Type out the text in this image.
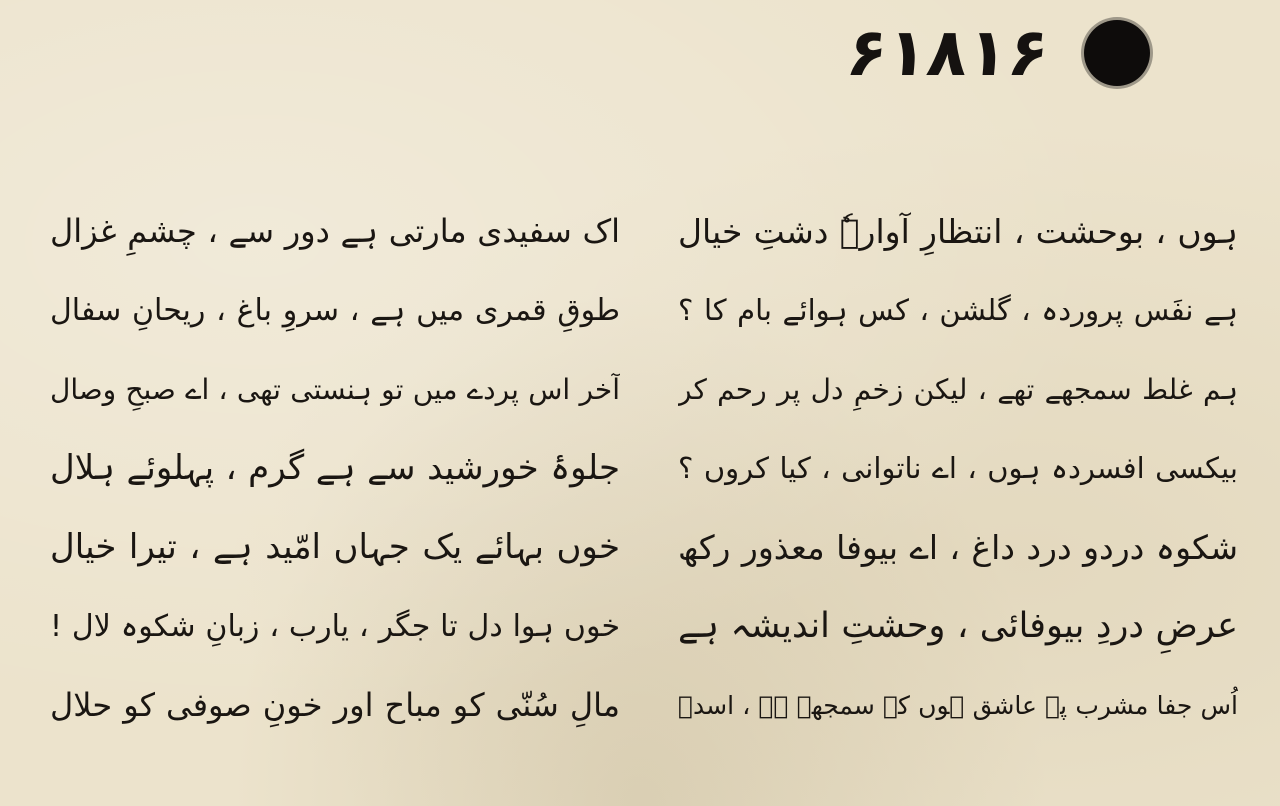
۶۱۸۱۶
ہوں ، بوحشت ، انتظارِ آوارہٗ دشتِ خیال
ہے نفَس پروردہ ، گلشن ، کس ہوائے بام کا ؟
ہم غلط سمجھے تھے ، لیکن زخمِ دل پر رحم کر
بیکسی افسردہ ہوں ، اے ناتوانی ، کیا کروں ؟
شکوہ دردو درد داغ ، اے بیوفا معذور رکھ
عرضِ دردِ بیوفائی ، وحشتِ اندیشہ ہے
اُس جفا مشرب پہ عاشق ہوں کہ سمجھے ہے ، اسدؔ
اک سفیدی مارتی ہے دور سے ، چشمِ غزال
طوقِ قمری میں ہے ، سروِ باغ ، ریحانِ سفال
آخر اس پردے میں تو ہنستی تھی ، اے صبحِ وصال
جلوۂ خورشید سے ہے گرم ، پہلوئے ہلال
خوں بہائے یک جہاں امّید ہے ، تیرا خیال
خوں ہوا دل تا جگر ، یارب ، زبانِ شکوہ لال !
مالِ سُنّی کو مباح اور خونِ صوفی کو حلال
